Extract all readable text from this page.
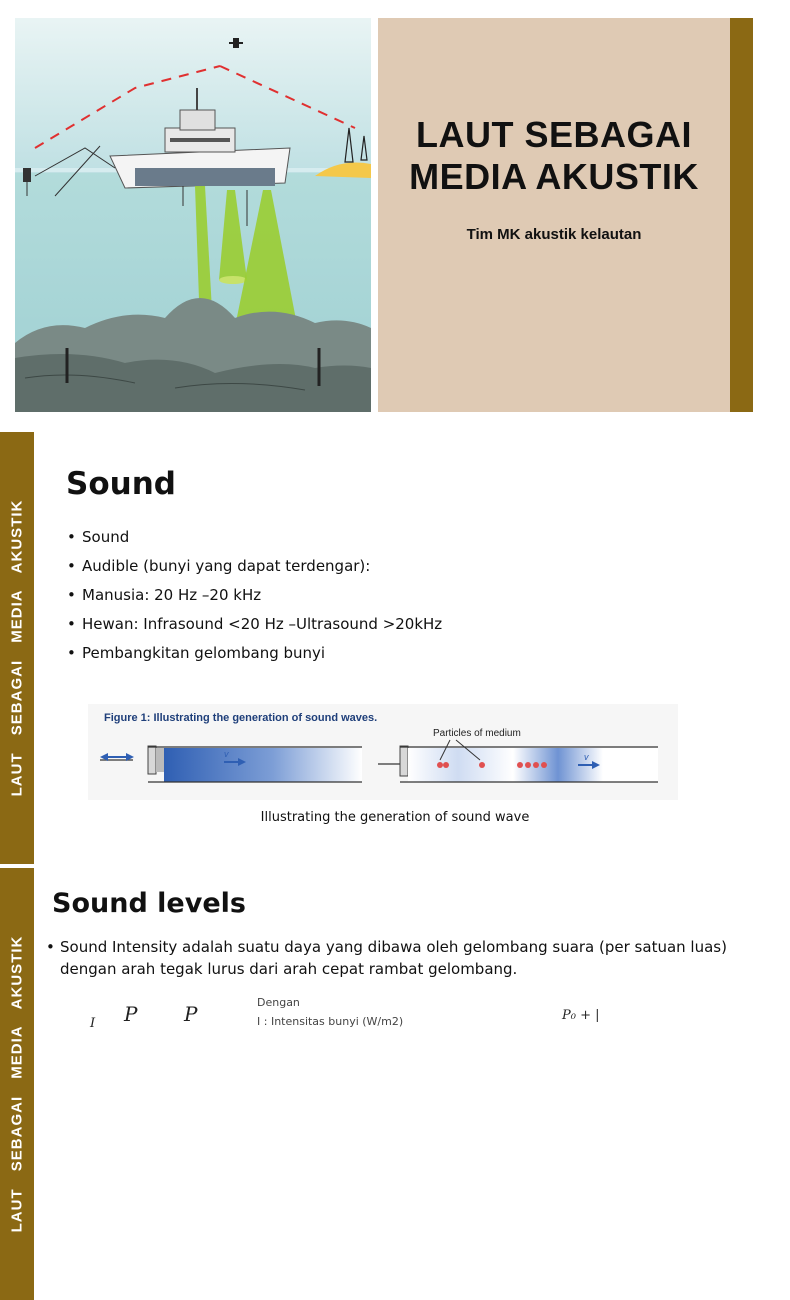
LAUT SEBAGAI
MEDIA AKUSTIK
Tim MK akustik kelautan
LAUT SEBAGAI MEDIA AKUSTIK
Sound
• Sound
• Audible (bunyi yang dapat terdengar):
• Manusia: 20 Hz –20 kHz
• Hewan: Infrasound <20 Hz –Ultrasound >20kHz
• Pembangkitan gelombang bunyi
Figure 1: Illustrating the generation of sound waves.
Particles of medium
v	v
Illustrating the generation of sound wave
LAUT SEBAGAI MEDIA AKUSTIK
Sound levels
• Sound Intensity adalah suatu daya yang dibawa oleh gelombang suara (per satuan luas) dengan arah tegak lurus dari arah cepat rambat gelombang.
I P P	Dengan
I : Intensitas bunyi (W/m2)	P₀ + |
